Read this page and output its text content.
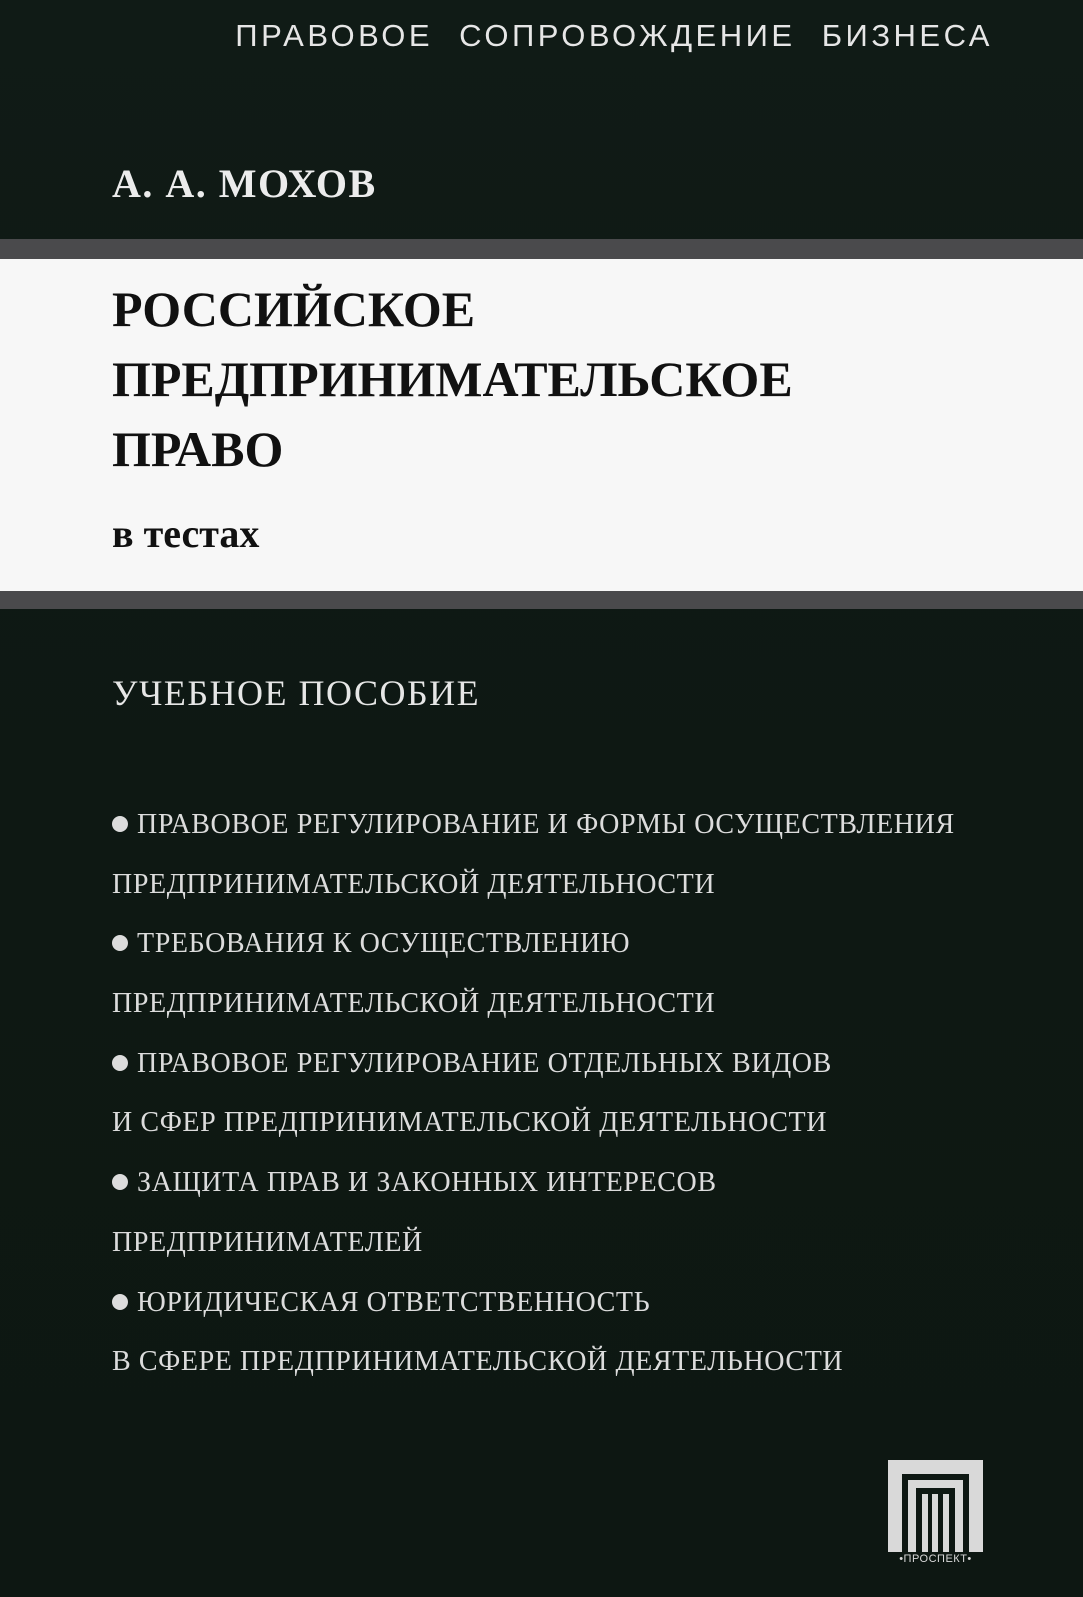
ПРАВОВОЕ СОПРОВОЖДЕНИЕ БИЗНЕСА
А. А. МОХОВ
РОССИЙСКОЕ
ПРЕДПРИНИМАТЕЛЬСКОЕ
ПРАВО
в тестах
УЧЕБНОЕ ПОСОБИЕ
ПРАВОВОЕ РЕГУЛИРОВАНИЕ И ФОРМЫ ОСУЩЕСТВЛЕНИЯ
ПРЕДПРИНИМАТЕЛЬСКОЙ ДЕЯТЕЛЬНОСТИ
ТРЕБОВАНИЯ К ОСУЩЕСТВЛЕНИЮ
ПРЕДПРИНИМАТЕЛЬСКОЙ ДЕЯТЕЛЬНОСТИ
ПРАВОВОЕ РЕГУЛИРОВАНИЕ ОТДЕЛЬНЫХ ВИДОВ
И СФЕР ПРЕДПРИНИМАТЕЛЬСКОЙ ДЕЯТЕЛЬНОСТИ
ЗАЩИТА ПРАВ И ЗАКОННЫХ ИНТЕРЕСОВ
ПРЕДПРИНИМАТЕЛЕЙ
ЮРИДИЧЕСКАЯ ОТВЕТСТВЕННОСТЬ
В СФЕРЕ ПРЕДПРИНИМАТЕЛЬСКОЙ ДЕЯТЕЛЬНОСТИ
•ПРОСПЕКТ•
